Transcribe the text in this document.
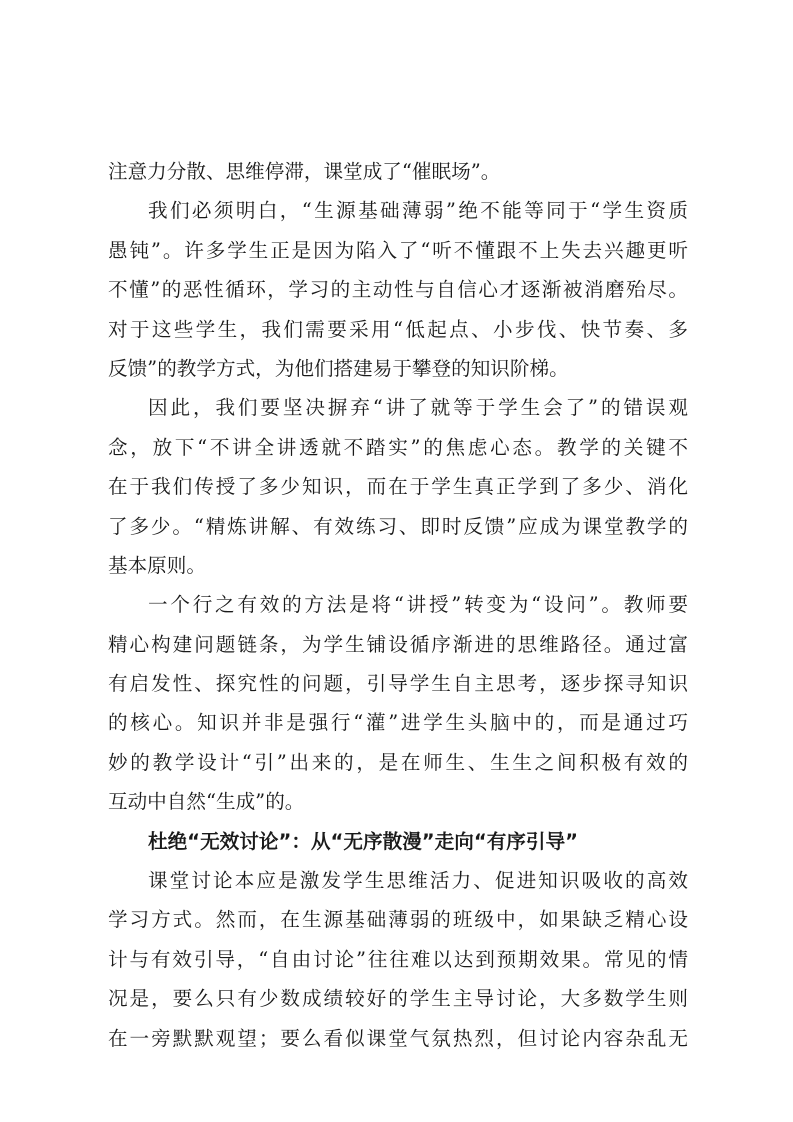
注意力分散、思维停滞，课堂成了“催眠场”。
我们必须明白，“生源基础薄弱”绝不能等同于“学生资质
愚钝”。许多学生正是因为陷入了“听不懂跟不上失去兴趣更听
不懂”的恶性循环，学习的主动性与自信心才逐渐被消磨殆尽。
对于这些学生，我们需要采用“低起点、小步伐、快节奏、多
反馈”的教学方式，为他们搭建易于攀登的知识阶梯。
因此，我们要坚决摒弃“讲了就等于学生会了”的错误观
念，放下“不讲全讲透就不踏实”的焦虑心态。教学的关键不
在于我们传授了多少知识，而在于学生真正学到了多少、消化
了多少。“精炼讲解、有效练习、即时反馈”应成为课堂教学的
基本原则。
一个行之有效的方法是将“讲授”转变为“设问”。教师要
精心构建问题链条，为学生铺设循序渐进的思维路径。通过富
有启发性、探究性的问题，引导学生自主思考，逐步探寻知识
的核心。知识并非是强行“灌”进学生头脑中的，而是通过巧
妙的教学设计“引”出来的，是在师生、生生之间积极有效的
互动中自然“生成”的。
杜绝“无效讨论”：从“无序散漫”走向“有序引导”
课堂讨论本应是激发学生思维活力、促进知识吸收的高效
学习方式。然而，在生源基础薄弱的班级中，如果缺乏精心设
计与有效引导，“自由讨论”往往难以达到预期效果。常见的情
况是，要么只有少数成绩较好的学生主导讨论，大多数学生则
在一旁默默观望；要么看似课堂气氛热烈，但讨论内容杂乱无
